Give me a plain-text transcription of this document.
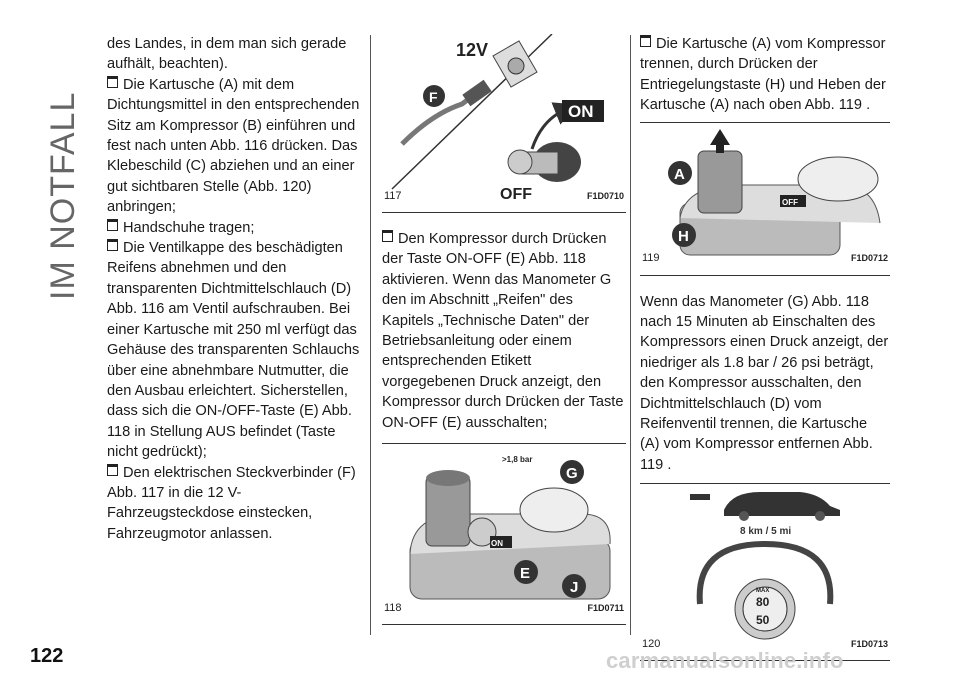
IM NOTFALL
122

des Landes, in dem man sich gerade aufhält, beachten).

Die Kartusche (A) mit dem Dichtungsmittel in den entsprechenden Sitz am Kompressor (B) einführen und fest nach unten Abb. 116 drücken. Das Klebeschild (C) abziehen und an einer gut sichtbaren Stelle (Abb. 120) anbringen;

Handschuhe tragen;

Die Ventilkappe des beschädigten Reifens abnehmen und den transparenten Dichtmittelschlauch (D) Abb. 116 am Ventil aufschrauben. Bei einer Kartusche mit 250 ml verfügt das Gehäuse des transparenten Schlauchs über eine abnehmbare Nutmutter, die den Ausbau erleichtert. Sicherstellen, dass sich die ON-/OFF-Taste (E) Abb. 118 in Stellung AUS befindet (Taste nicht gedrückt);

Den elektrischen Steckverbinder (F) Abb. 117 in die 12 V-Fahrzeugsteckdose einstecken, Fahrzeugmotor anlassen.

12V
F
ON
OFF
117	F1D0710

Den Kompressor durch Drücken der Taste ON-OFF (E) Abb. 118 aktivieren. Wenn das Manometer G den im Abschnitt „Reifen" des Kapitels „Technische Daten" der Betriebsanleitung oder einem entsprechenden Etikett vorgegebenen Druck anzeigt, den Kompressor durch Drücken der Taste ON-OFF (E) ausschalten;

ON
>1,8 bar
G
E
J
118	F1D0711

Die Kartusche (A) vom Kompressor trennen, durch Drücken der Entriegelungstaste (H) und Heben der Kartusche (A) nach oben Abb. 119 .

OFF
A
H
119	F1D0712

Wenn das Manometer (G) Abb. 118 nach 15 Minuten ab Einschalten des Kompressors einen Druck anzeigt, der niedriger als 1.8 bar / 26 psi beträgt, den Kompressor ausschalten, den Dichtmittelschlauch (D) vom Reifenventil trennen, die Kartusche (A) vom Kompressor entfernen Abb. 119 .

8 km / 5 mi
80
50
MAX
120	F1D0713
carmanualsonline.info
